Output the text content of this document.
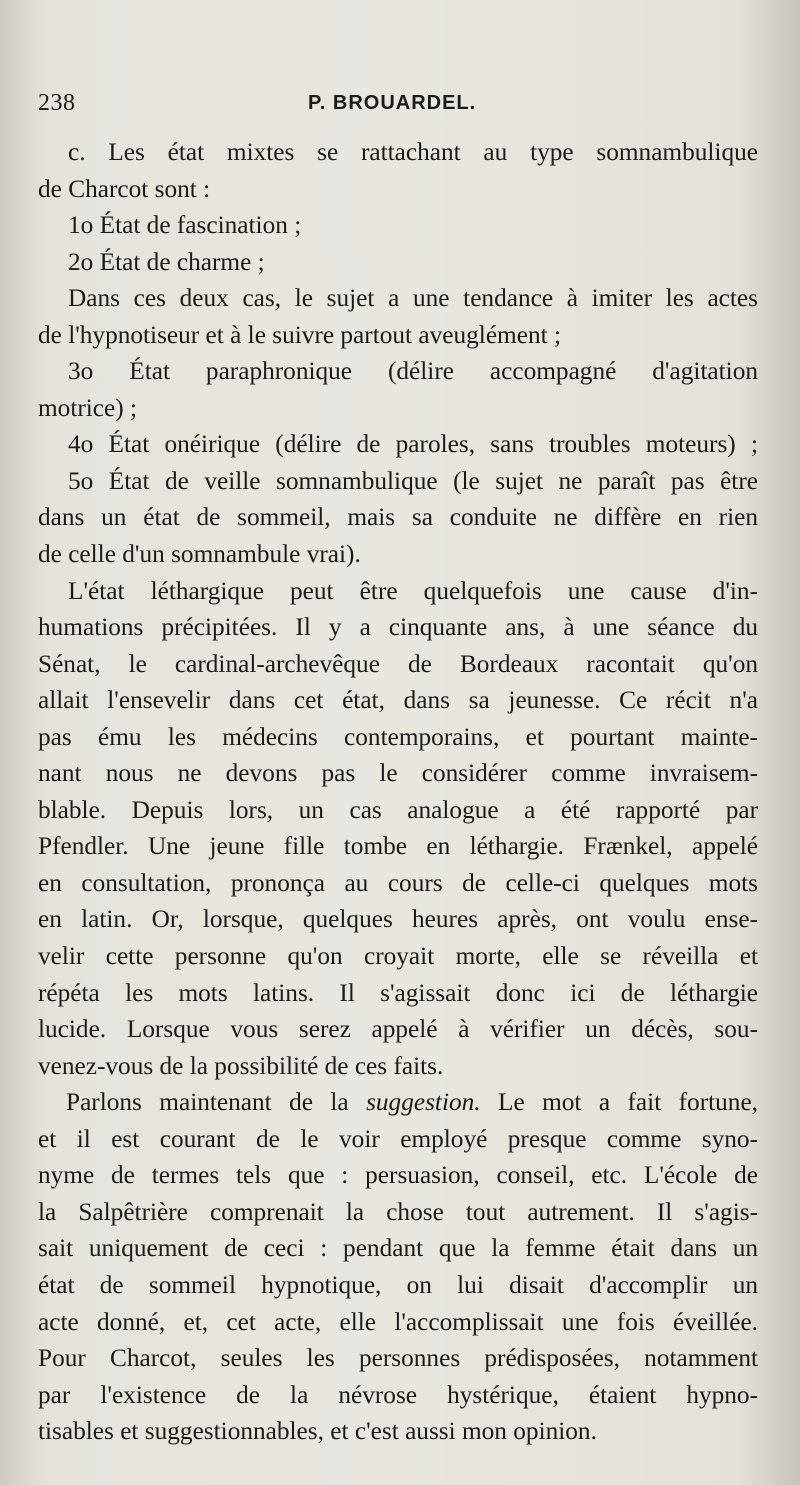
238	P. BROUARDEL.
c. Les état mixtes se rattachant au type somnambulique
de Charcot sont :
1o État de fascination ;
2o État de charme ;
Dans ces deux cas, le sujet a une tendance à imiter les actes
de l'hypnotiseur et à le suivre partout aveuglément ;
3o État paraphronique (délire accompagné d'agitation
motrice) ;
4o État onéirique (délire de paroles, sans troubles moteurs) ;
5o État de veille somnambulique (le sujet ne paraît pas être
dans un état de sommeil, mais sa conduite ne diffère en rien
de celle d'un somnambule vrai).
L'état léthargique peut être quelquefois une cause d'in-
humations précipitées. Il y a cinquante ans, à une séance du
Sénat, le cardinal-archevêque de Bordeaux racontait qu'on
allait l'ensevelir dans cet état, dans sa jeunesse. Ce récit n'a
pas ému les médecins contemporains, et pourtant mainte-
nant nous ne devons pas le considérer comme invraisem-
blable. Depuis lors, un cas analogue a été rapporté par
Pfendler. Une jeune fille tombe en léthargie. Frænkel, appelé
en consultation, prononça au cours de celle-ci quelques mots
en latin. Or, lorsque, quelques heures après, ont voulu ense-
velir cette personne qu'on croyait morte, elle se réveilla et
répéta les mots latins. Il s'agissait donc ici de léthargie
lucide. Lorsque vous serez appelé à vérifier un décès, sou-
venez-vous de la possibilité de ces faits.
Parlons maintenant de la suggestion. Le mot a fait fortune,
et il est courant de le voir employé presque comme syno-
nyme de termes tels que : persuasion, conseil, etc. L'école de
la Salpêtrière comprenait la chose tout autrement. Il s'agis-
sait uniquement de ceci : pendant que la femme était dans un
état de sommeil hypnotique, on lui disait d'accomplir un
acte donné, et, cet acte, elle l'accomplissait une fois éveillée.
Pour Charcot, seules les personnes prédisposées, notamment
par l'existence de la névrose hystérique, étaient hypno-
tisables et suggestionnables, et c'est aussi mon opinion.
